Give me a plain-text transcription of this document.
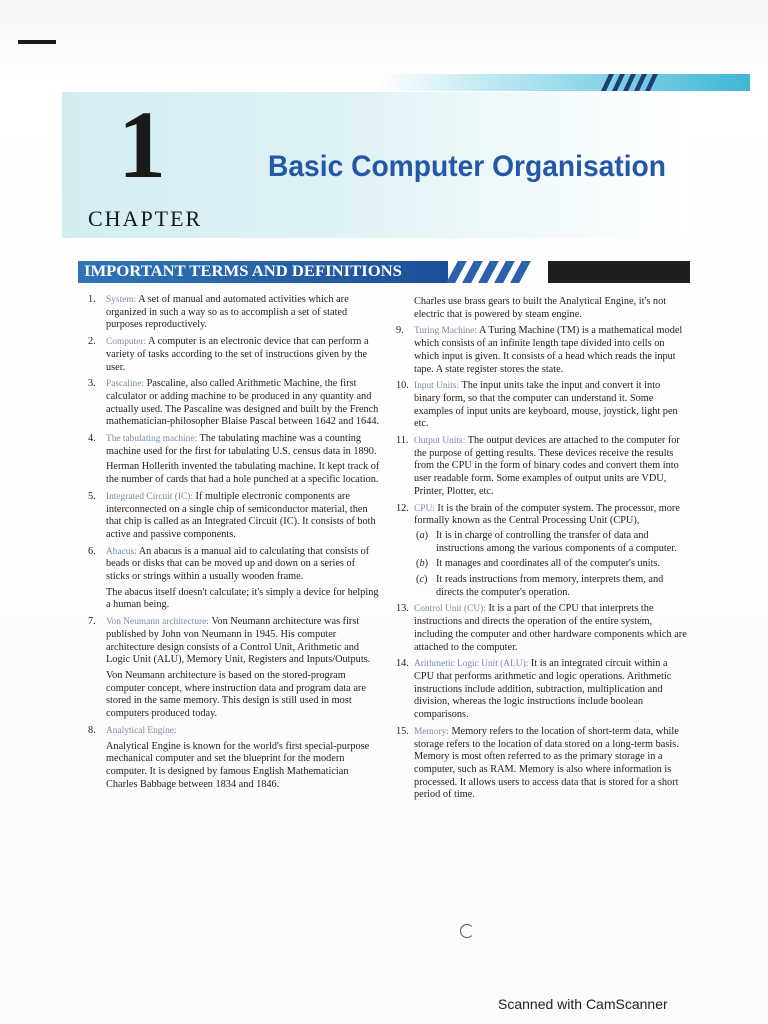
1
CHAPTER
Basic Computer Organisation
IMPORTANT TERMS AND DEFINITIONS
1. System: A set of manual and automated activities which are organized in such a way so as to accomplish a set of stated purposes reproductively.
2. Computer: A computer is an electronic device that can perform a variety of tasks according to the set of instructions given by the user.
3. Pascaline: Pascaline, also called Arithmetic Machine, the first calculator or adding machine to be produced in any quantity and actually used. The Pascaline was designed and built by the French mathematician-philosopher Blaise Pascal between 1642 and 1644.
4. The tabulating machine: The tabulating machine was a counting machine used for the first for tabulating U.S. census data in 1890.
Herman Hollerith invented the tabulating machine. It kept track of the number of cards that had a hole punched at a specific location.
5. Integrated Circuit (IC): If multiple electronic components are interconnected on a single chip of semiconductor material, then that chip is called as an Integrated Circuit (IC). It consists of both active and passive components.
6. Abacus: An abacus is a manual aid to calculating that consists of beads or disks that can be moved up and down on a series of sticks or strings within a usually wooden frame.
The abacus itself doesn't calculate; it's simply a device for helping a human being.
7. Von Neumann architecture: Von Neumann architecture was first published by John von Neumann in 1945. His computer architecture design consists of a Control Unit, Arithmetic and Logic Unit (ALU), Memory Unit, Registers and Inputs/Outputs.
Von Neumann architecture is based on the stored-program computer concept, where instruction data and program data are stored in the same memory. This design is still used in most computers produced today.
8. Analytical Engine:
Analytical Engine is known for the world's first special-purpose mechanical computer and set the blueprint for the modern computer. It is designed by famous English Mathematician Charles Babbage between 1834 and 1846.
Charles use brass gears to built the Analytical Engine, it's not electric that is powered by steam engine.
9. Turing Machine: A Turing Machine (TM) is a mathematical model which consists of an infinite length tape divided into cells on which input is given. It consists of a head which reads the input tape. A state register stores the state.
10. Input Units: The input units take the input and convert it into binary form, so that the computer can understand it. Some examples of input units are keyboard, mouse, joystick, light pen etc.
11. Output Units: The output devices are attached to the computer for the purpose of getting results. These devices receive the results from the CPU in the form of binary codes and convert them into user readable form. Some examples of output units are VDU, Printer, Plotter, etc.
12. CPU: It is the brain of the computer system. The processor, more formally known as the Central Processing Unit (CPU),
( a )	It is in charge of controlling the transfer of data and instructions among the various components of a computer.
( b )	It manages and coordinates all of the computer's units.
( c )	It reads instructions from memory, interprets them, and directs the computer's operation.
13. Control Unit (CU): It is a part of the CPU that interprets the instructions and directs the operation of the entire system, including the computer and other hardware components which are attached to the computer.
14. Arithmetic Logic Unit (ALU): It is an integrated circuit within a CPU that performs arithmetic and logic operations. Arithmetic instructions include addition, subtraction, multiplication and division, whereas the logic instructions include boolean comparisons.
15. Memory: Memory refers to the location of short-term data, while storage refers to the location of data stored on a long-term basis. Memory is most often referred to as the primary storage in a computer, such as RAM. Memory is also where information is processed. It allows users to access data that is stored for a short period of time.
Scanned with CamScanner
